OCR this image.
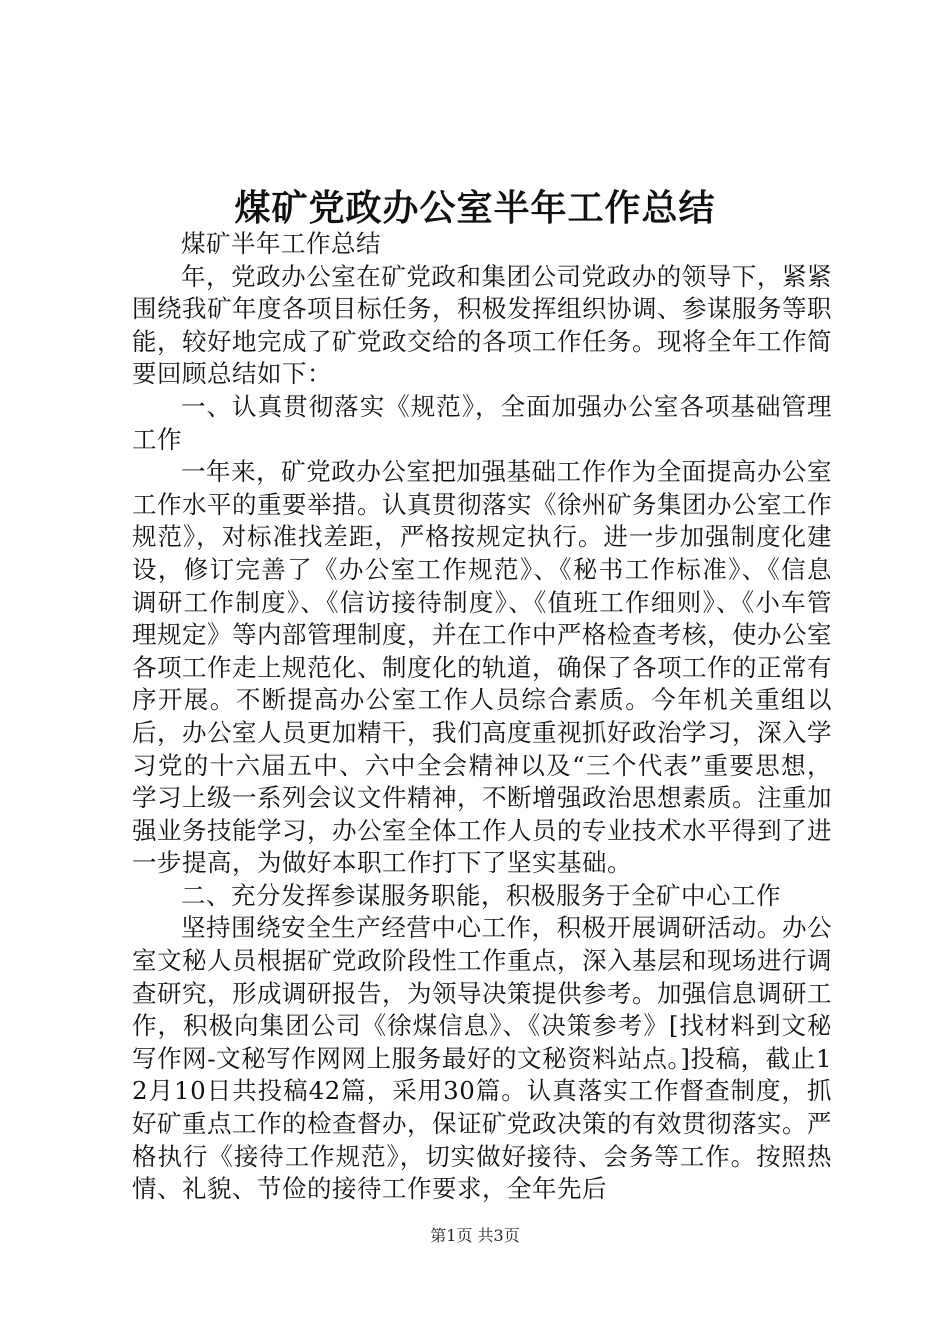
煤矿党政办公室半年工作总结

煤矿半年工作总结

年，党政办公室在矿党政和集团公司党政办的领导下，紧紧围绕我矿年度各项目标任务，积极发挥组织协调、参谋服务等职能，较好地完成了矿党政交给的各项工作任务。现将全年工作简要回顾总结如下：

一、认真贯彻落实《规范》，全面加强办公室各项基础管理工作

一年来，矿党政办公室把加强基础工作作为全面提高办公室工作水平的重要举措。认真贯彻落实《徐州矿务集团办公室工作规范》，对标准找差距，严格按规定执行。进一步加强制度化建设，修订完善了《办公室工作规范》、《秘书工作标准》、《信息调研工作制度》、《信访接待制度》、《值班工作细则》、《小车管理规定》等内部管理制度，并在工作中严格检查考核，使办公室各项工作走上规范化、制度化的轨道，确保了各项工作的正常有序开展。不断提高办公室工作人员综合素质。今年机关重组以后，办公室人员更加精干，我们高度重视抓好政治学习，深入学习党的十六届五中、六中全会精神以及“三个代表”重要思想，学习上级一系列会议文件精神，不断增强政治思想素质。注重加强业务技能学习，办公室全体工作人员的专业技术水平得到了进一步提高，为做好本职工作打下了坚实基础。

二、充分发挥参谋服务职能，积极服务于全矿中心工作

坚持围绕安全生产经营中心工作，积极开展调研活动。办公室文秘人员根据矿党政阶段性工作重点，深入基层和现场进行调查研究，形成调研报告，为领导决策提供参考。加强信息调研工作，积极向集团公司《徐煤信息》、《决策参考》[找材料到文秘写作网-文秘写作网网上服务最好的文秘资料站点。]投稿，截止12月10日共投稿42篇，采用30篇。认真落实工作督查制度，抓好矿重点工作的检查督办，保证矿党政决策的有效贯彻落实。严格执行《接待工作规范》，切实做好接待、会务等工作。按照热情、礼貌、节俭的接待工作要求，全年先后

第1页 共3页
